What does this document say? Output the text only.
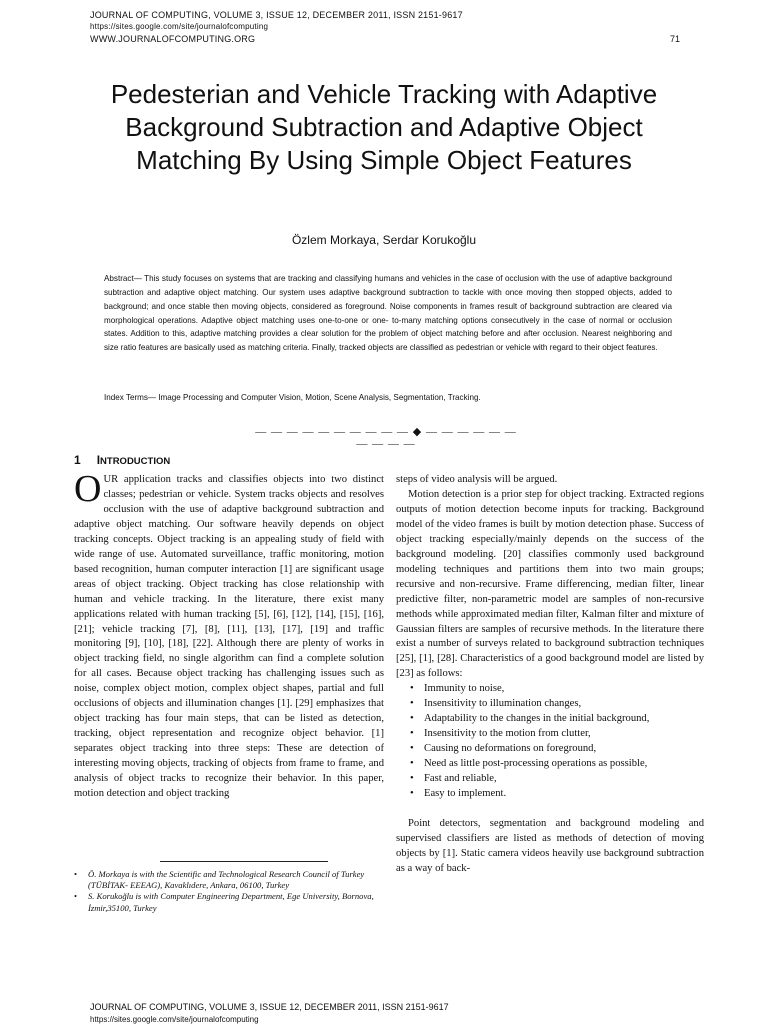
JOURNAL OF COMPUTING, VOLUME 3, ISSUE 12, DECEMBER 2011, ISSN 2151-9617
https://sites.google.com/site/journalofcomputing
WWW.JOURNALOFCOMPUTING.ORG	71
Pedesterian and Vehicle Tracking with Adaptive Background Subtraction and Adaptive Object Matching By Using Simple Object Features
Özlem Morkaya, Serdar Korukoğlu
Abstract— This study focuses on systems that are tracking and classifying humans and vehicles in the case of occlusion with the use of adaptive background subtraction and adaptive object matching. Our system uses adaptive background subtraction to tackle with once moving then stopped objects, added to background; and once stable then moving objects, considered as foreground. Noise components in frames result of background subtraction are cleared via morphological operations. Adaptive object matching uses one-to-one or one- to-many matching options consecutively in the case of normal or occlusion states. Addition to this, adaptive matching provides a clear solution for the problem of object matching before and after occlusion. Nearest neighboring and size ratio features are basically used as matching criteria. Finally, tracked objects are classified as pedestrian or vehicle with regard to their object features.
Index Terms— Image Processing and Computer Vision, Motion, Scene Analysis, Segmentation, Tracking.
— — — — — — — — — — ◆ — — — — — — — — — —
1 INTRODUCTION
OUR application tracks and classifies objects into two distinct classes; pedestrian or vehicle. System tracks objects and resolves occlusion with the use of adaptive background subtraction and adaptive object matching. Our software heavily depends on object tracking concepts. Object tracking is an appealing study of field with wide range of use. Automated surveillance, traffic monitoring, motion based recognition, human computer interaction [1] are significant usage areas of object tracking. Object tracking has close relationship with human and vehicle tracking. In the literature, there exist many applications related with human tracking [5], [6], [12], [14], [15], [16], [21]; vehicle tracking [7], [8], [11], [13], [17], [19] and traffic monitoring [9], [10], [18], [22]. Although there are plenty of works in object tracking field, no single algorithm can find a complete solution for all cases. Because object tracking has challenging issues such as noise, complex object motion, complex object shapes, partial and full occlusions of objects and illumination changes [1]. [29] emphasizes that object tracking has four main steps, that can be listed as detection, tracking, object representation and recognize object behavior. [1] separates object tracking into three steps: These are detection of interesting moving objects, tracking of objects from frame to frame, and analysis of object tracks to recognize their behavior. In this paper, motion detection and object tracking

steps of video analysis will be argued.

Motion detection is a prior step for object tracking. Extracted regions outputs of motion detection become inputs for tracking. Background model of the video frames is built by motion detection phase. Success of object tracking especially/mainly depends on the success of the background modeling. [20] classifies commonly used background modeling techniques and partitions them into two main groups; recursive and non-recursive. Frame differencing, median filter, linear predictive filter, non-parametric model are samples of non-recursive methods while approximated median filter, Kalman filter and mixture of Gaussian filters are samples of recursive methods. In the literature there exist a number of surveys related to background subtraction techniques [25], [1], [28]. Characteristics of a good background model are listed by [23] as follows:

• Immunity to noise,
• Insensitivity to illumination changes,
• Adaptability to the changes in the initial background,
• Insensitivity to the motion from clutter,
• Causing no deformations on foreground,
• Need as little post-processing operations as possible,
• Fast and reliable,
• Easy to implement.

Point detectors, segmentation and background modeling and supervised classifiers are listed as methods of detection of moving objects by [1]. Static camera videos heavily use background subtraction as a way of back-

• Ö. Morkaya is with the Scientific and Technological Research Council of Turkey (TÜBİTAK- EEEAG), Kavaklıdere, Ankara, 06100, Turkey
• S. Korukoğlu is with Computer Engineering Department, Ege University, Bornova, İzmir,35100, Turkey
JOURNAL OF COMPUTING, VOLUME 3, ISSUE 12, DECEMBER 2011, ISSN 2151-9617
https://sites.google.com/site/journalofcomputing
